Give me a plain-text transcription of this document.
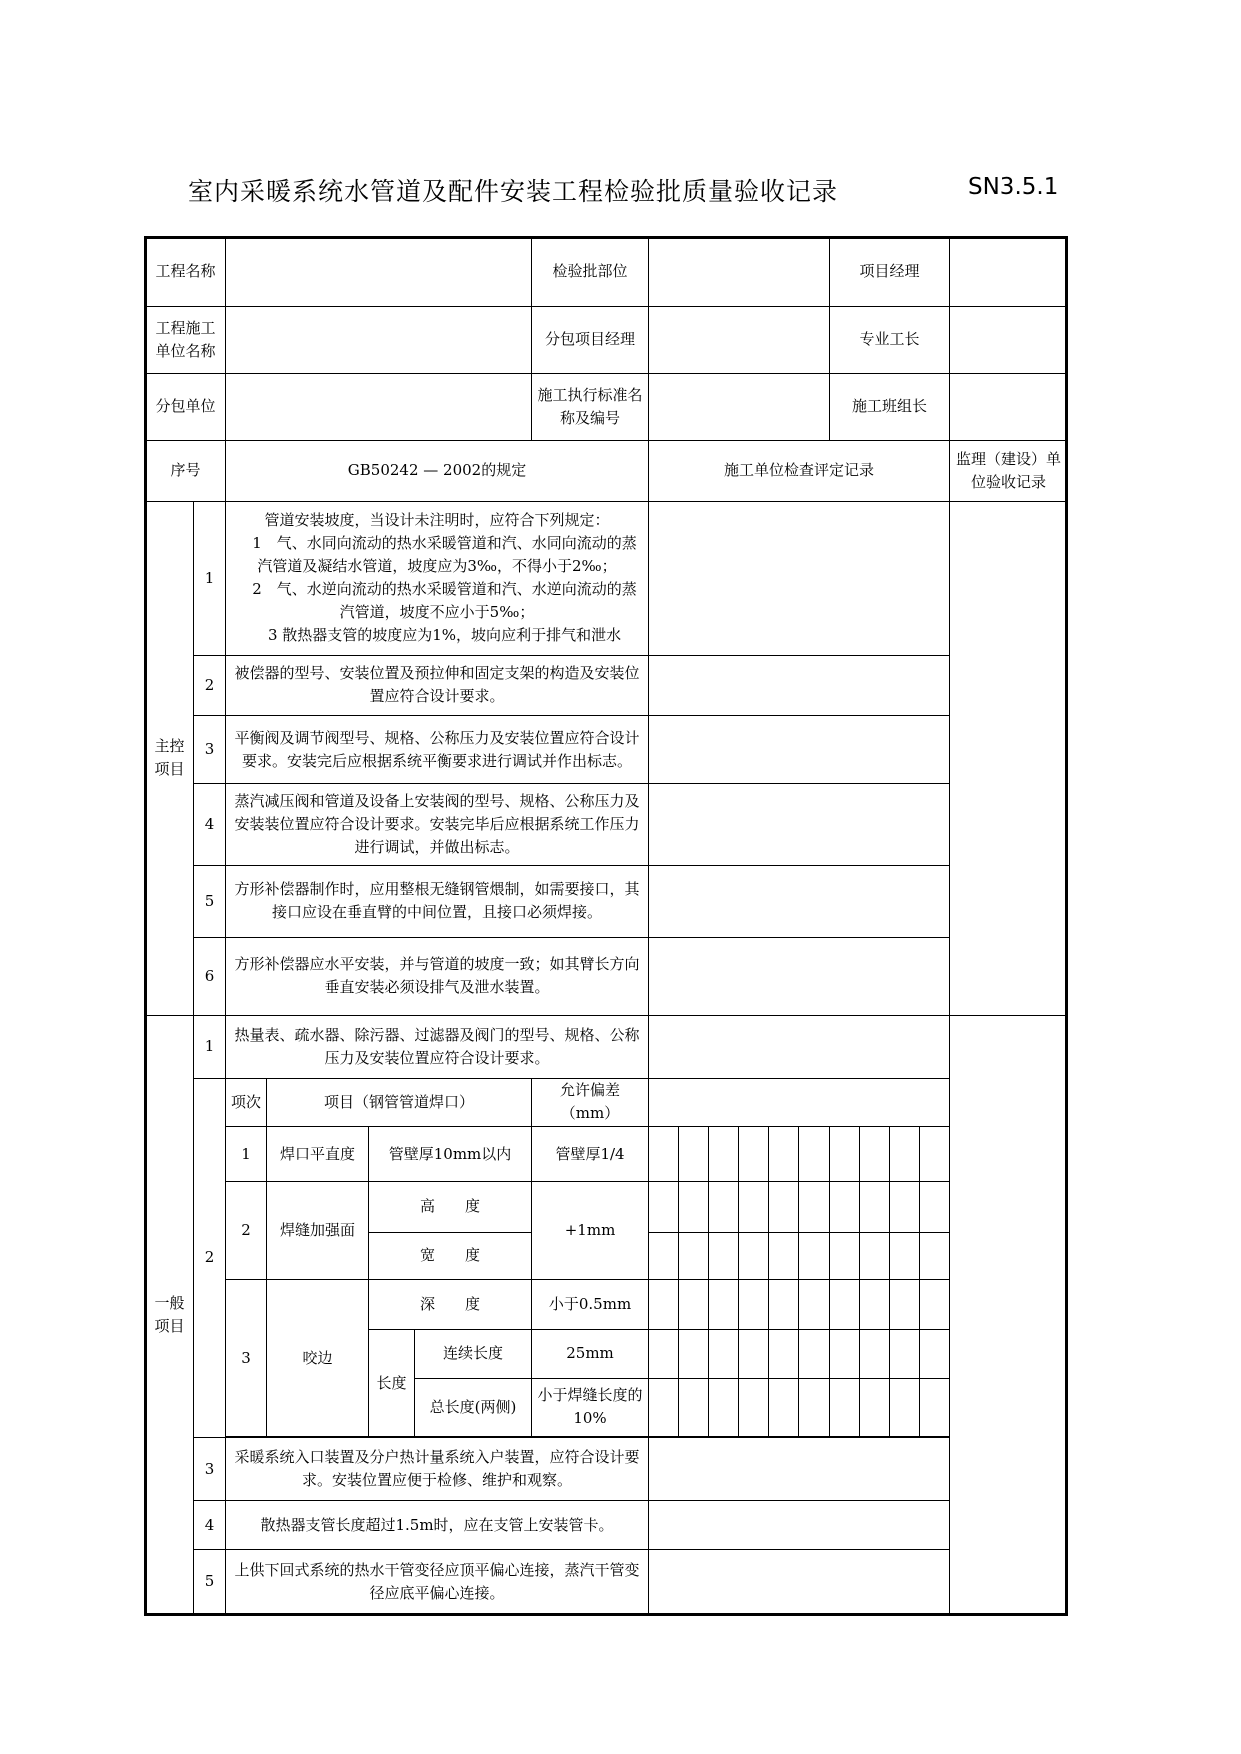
室内采暖系统水管道及配件安装工程检验批质量验收记录	SN3.5.1
工程名称						检验批部位		项目经理	
工程施工单位名称						分包项目经理		专业工长	
分包单位						施工执行标准名称及编号		施工班组长	
序号		GB50242 — 2002的规定					施工单位检查评定记录		监理（建设）单位验收记录
主控项目	1	管道安装坡度，当设计未注明时，应符合下列规定：
　1　气、水同向流动的热水采暖管道和汽、水同向流动的蒸汽管道及凝结水管道，坡度应为3‰，不得小于2‰；
　2　气、水逆向流动的热水采暖管道和汽、水逆向流动的蒸汽管道，坡度不应小于5‰；
　3 散热器支管的坡度应为1%，坡向应利于排气和泄水							
	2	被偿器的型号、安装位置及预拉伸和固定支架的构造及安装位置应符合设计要求。							
	3	平衡阀及调节阀型号、规格、公称压力及安装位置应符合设计要求。安装完后应根据系统平衡要求进行调试并作出标志。							
	4	蒸汽减压阀和管道及设备上安装阀的型号、规格、公称压力及安装装位置应符合设计要求。安装完毕后应根据系统工作压力进行调试，并做出标志。							
	5	方形补偿器制作时，应用整根无缝钢管煨制，如需要接口，其接口应设在垂直臂的中间位置，且接口必须焊接。							
	6	方形补偿器应水平安装，并与管道的坡度一致；如其臂长方向垂直安装必须设排气及泄水装置。							
一般项目	1	热量表、疏水器、除污器、过滤器及阀门的型号、规格、公称压力及安装位置应符合设计要求。							
	2	项次	项目（钢管管道焊口）			允许偏差（mm）			
		1	焊口平直度	管壁厚10mm以内		管壁厚1/4			

		2	焊缝加强面	高　　度		+1mm			

				宽　　度					

		3	咬边	深　　度		小于0.5mm			

				长度	连续长度	25mm			

					总长度(两侧)	小于焊缝长度的10%			

	3	采暖系统入口装置及分户热计量系统入户装置，应符合设计要求。安装位置应便于检修、维护和观察。							
	4	散热器支管长度超过1.5m时，应在支管上安装管卡。							
	5	上供下回式系统的热水干管变径应顶平偏心连接，蒸汽干管变径应底平偏心连接。							
